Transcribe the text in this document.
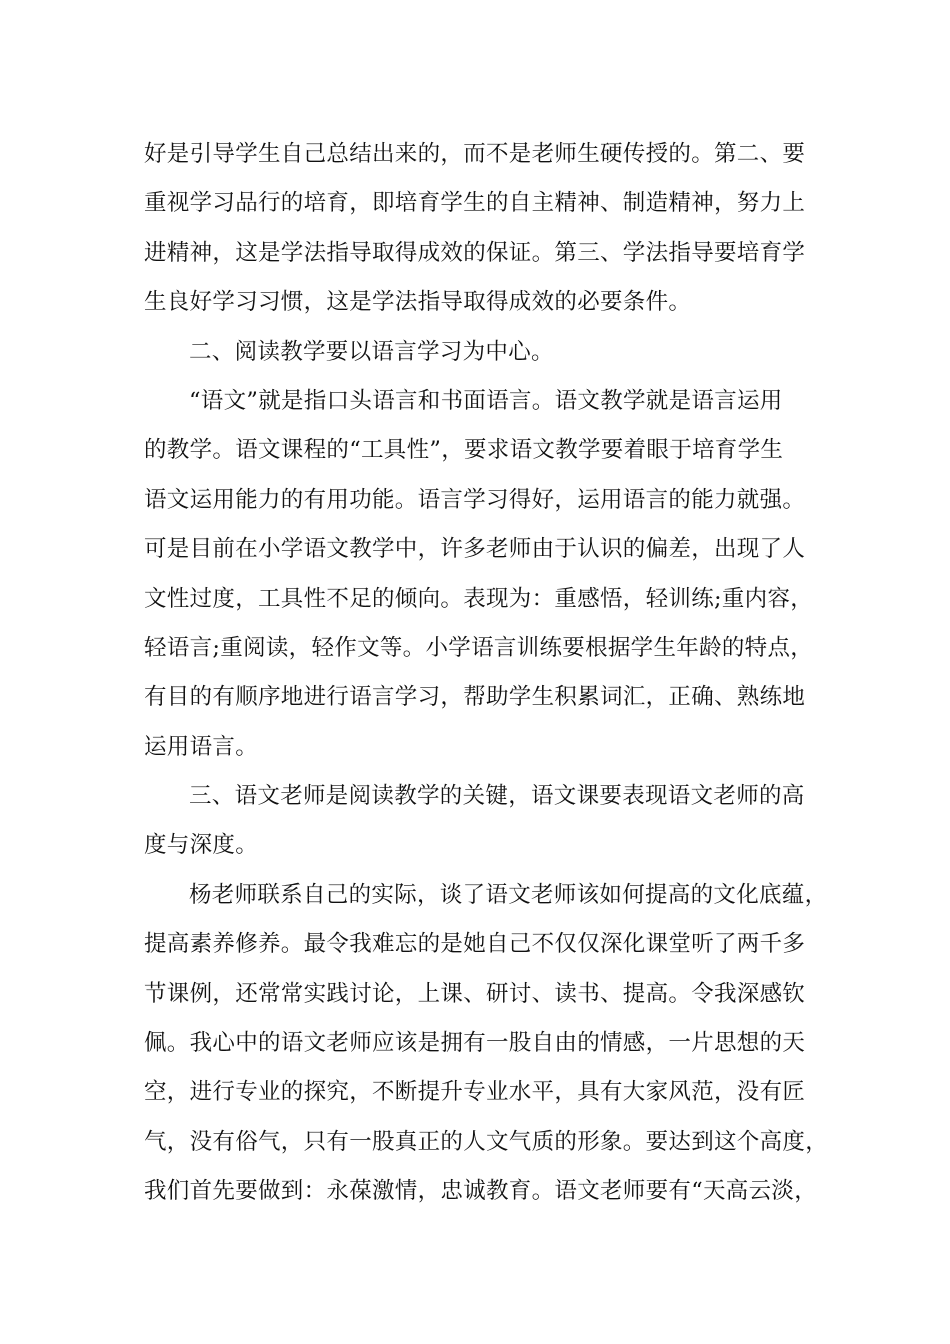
好是引导学生自己总结出来的，而不是老师生硬传授的。第二、要
重视学习品行的培育，即培育学生的自主精神、制造精神，努力上
进精神，这是学法指导取得成效的保证。第三、学法指导要培育学
生良好学习习惯，这是学法指导取得成效的必要条件。
二、阅读教学要以语言学习为中心。
“语文”就是指口头语言和书面语言。语文教学就是语言运用
的教学。语文课程的“工具性”，要求语文教学要着眼于培育学生
语文运用能力的有用功能。语言学习得好，运用语言的能力就强。
可是目前在小学语文教学中，许多老师由于认识的偏差，出现了人
文性过度，工具性不足的倾向。表现为：重感悟，轻训练;重内容，
轻语言;重阅读，轻作文等。小学语言训练要根据学生年龄的特点，
有目的有顺序地进行语言学习，帮助学生积累词汇，正确、熟练地
运用语言。
三、语文老师是阅读教学的关键，语文课要表现语文老师的高
度与深度。
杨老师联系自己的实际，谈了语文老师该如何提高的文化底蕴，
提高素养修养。最令我难忘的是她自己不仅仅深化课堂听了两千多
节课例，还常常实践讨论，上课、研讨、读书、提高。令我深感钦
佩。我心中的语文老师应该是拥有一股自由的情感，一片思想的天
空，进行专业的探究，不断提升专业水平，具有大家风范，没有匠
气，没有俗气，只有一股真正的人文气质的形象。要达到这个高度，
我们首先要做到：永葆激情，忠诚教育。语文老师要有“天高云淡，
